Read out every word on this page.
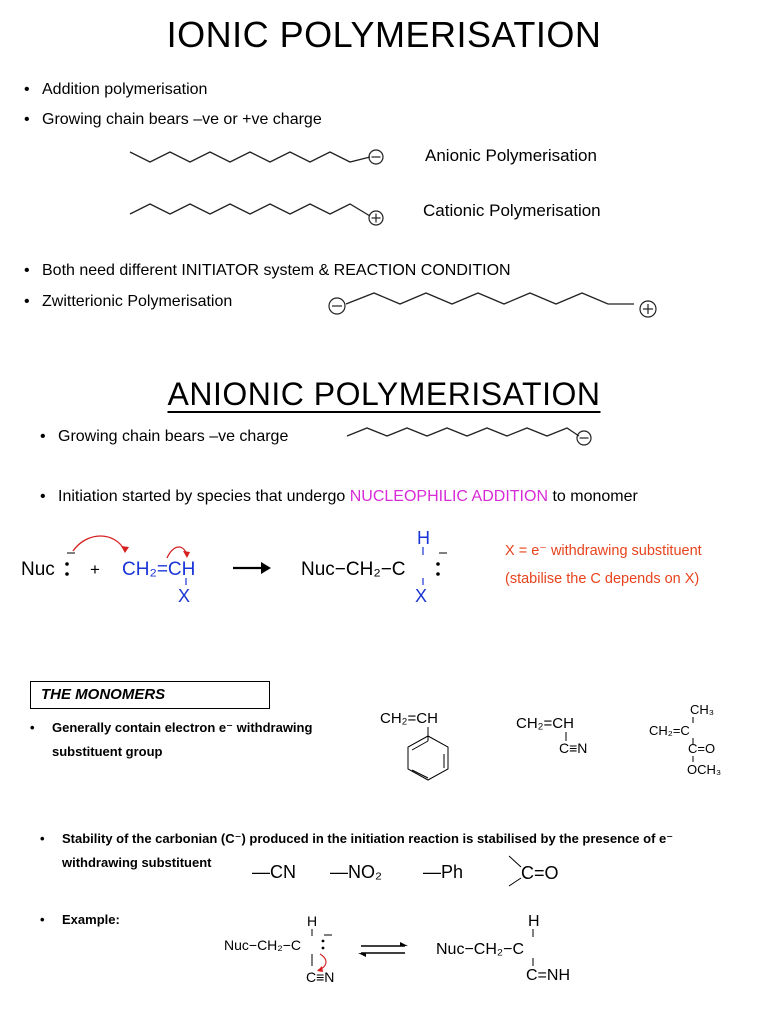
IONIC POLYMERISATION
• Addition polymerisation
• Growing chain bears –ve or +ve charge
Anionic Polymerisation
Cationic Polymerisation
• Both need different INITIATOR system & REACTION CONDITION
• Zwitterionic Polymerisation
ANIONIC POLYMERISATION
• Growing chain bears –ve charge
• Initiation started by species that undergo NUCLEOPHILIC ADDITION to monomer
Nuc + CH₂=CH
X
Nuc−CH₂−C
H
X
X = e⁻ withdrawing substituent
(stabilise the C depends on X)
THE MONOMERS
• Generally contain electron e⁻ withdrawing
substituent group
CH₂=CH	CH₂=CH
C≡N
CH₃
CH₂=C
C=O
OCH₃
• Stability of the carbonian (C⁻) produced in the initiation reaction is stabilised by the presence of e⁻
withdrawing substituent —CN —NO₂ —Ph	C=O
• Example:	H
Nuc−CH₂−C
C≡N
H
Nuc−CH₂−C
C=NH
